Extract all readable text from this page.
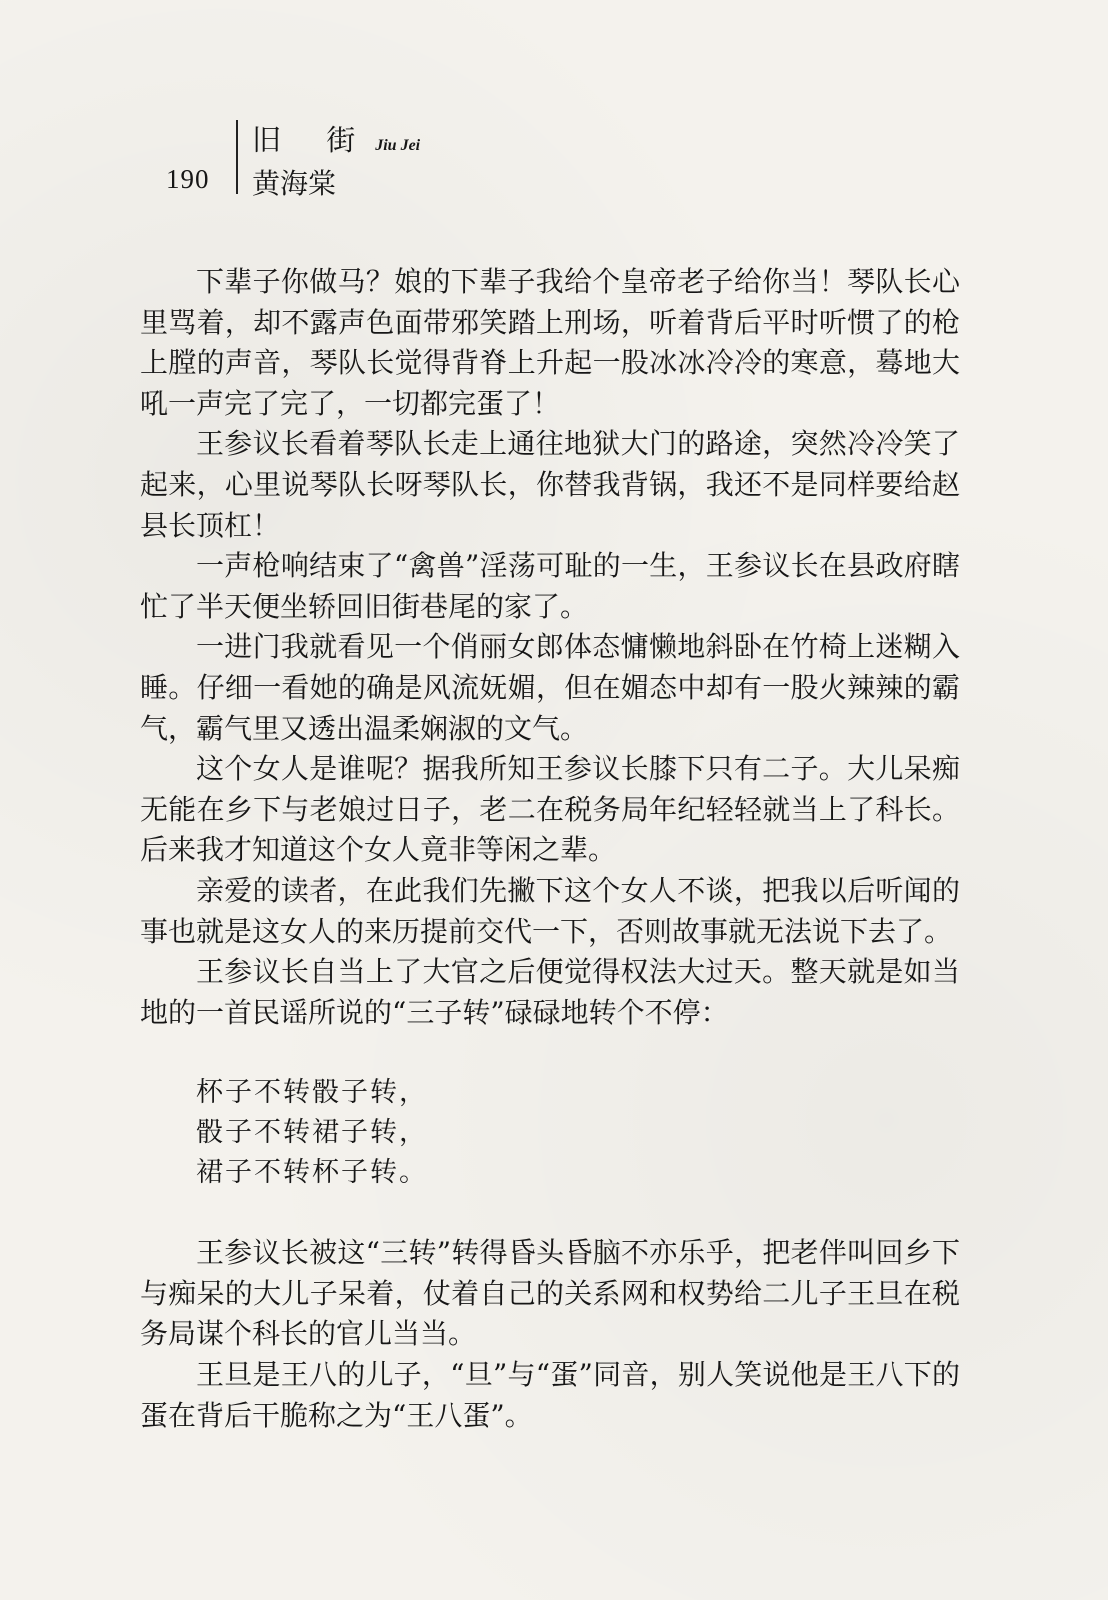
190
旧 街 Jiu Jei
黄海棠

下辈子你做马？娘的下辈子我给个皇帝老子给你当！琴队长心里骂着，却不露声色面带邪笑踏上刑场，听着背后平时听惯了的枪上膛的声音，琴队长觉得背脊上升起一股冰冰冷冷的寒意，蓦地大吼一声完了完了，一切都完蛋了！

王参议长看着琴队长走上通往地狱大门的路途，突然冷冷笑了起来，心里说琴队长呀琴队长，你替我背锅，我还不是同样要给赵县长顶杠！

一声枪响结束了“禽兽”淫荡可耻的一生，王参议长在县政府瞎忙了半天便坐轿回旧街巷尾的家了。

一进门我就看见一个俏丽女郎体态慵懒地斜卧在竹椅上迷糊入睡。仔细一看她的确是风流妩媚，但在媚态中却有一股火辣辣的霸气，霸气里又透出温柔娴淑的文气。

这个女人是谁呢？据我所知王参议长膝下只有二子。大儿呆痴无能在乡下与老娘过日子，老二在税务局年纪轻轻就当上了科长。后来我才知道这个女人竟非等闲之辈。

亲爱的读者，在此我们先撇下这个女人不谈，把我以后听闻的事也就是这女人的来历提前交代一下，否则故事就无法说下去了。

王参议长自当上了大官之后便觉得权法大过天。整天就是如当地的一首民谣所说的“三子转”碌碌地转个不停：

杯子不转骰子转，
骰子不转裙子转，
裙子不转杯子转。

王参议长被这“三转”转得昏头昏脑不亦乐乎，把老伴叫回乡下与痴呆的大儿子呆着，仗着自己的关系网和权势给二儿子王旦在税务局谋个科长的官儿当当。

王旦是王八的儿子，“旦”与“蛋”同音，别人笑说他是王八下的蛋在背后干脆称之为“王八蛋”。
